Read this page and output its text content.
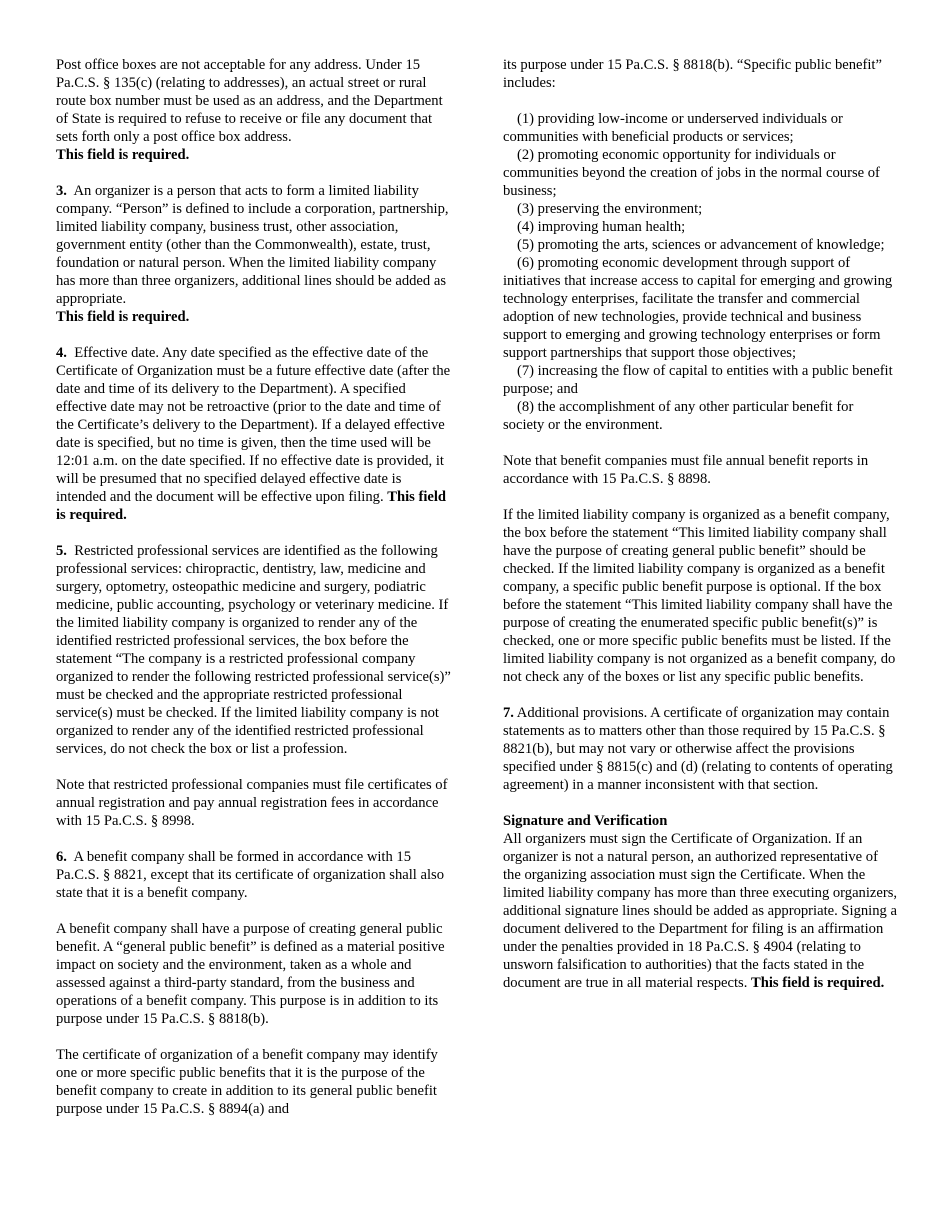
Post office boxes are not acceptable for any address. Under 15 Pa.C.S. § 135(c) (relating to addresses), an actual street or rural route box number must be used as an address, and the Department of State is required to refuse to receive or file any document that sets forth only a post office box address.
This field is required.

3. An organizer is a person that acts to form a limited liability company. “Person” is defined to include a corporation, partnership, limited liability company, business trust, other association, government entity (other than the Commonwealth), estate, trust, foundation or natural person. When the limited liability company has more than three organizers, additional lines should be added as appropriate.
This field is required.

4. Effective date. Any date specified as the effective date of the Certificate of Organization must be a future effective date (after the date and time of its delivery to the Department). A specified effective date may not be retroactive (prior to the date and time of the Certificate’s delivery to the Department). If a delayed effective date is specified, but no time is given, then the time used will be 12:01 a.m. on the date specified. If no effective date is provided, it will be presumed that no specified delayed effective date is intended and the document will be effective upon filing. This field is required.

5. Restricted professional services are identified as the following professional services: chiropractic, dentistry, law, medicine and surgery, optometry, osteopathic medicine and surgery, podiatric medicine, public accounting, psychology or veterinary medicine. If the limited liability company is organized to render any of the identified restricted professional services, the box before the statement “The company is a restricted professional company organized to render the following restricted professional service(s)” must be checked and the appropriate restricted professional service(s) must be checked. If the limited liability company is not organized to render any of the identified restricted professional services, do not check the box or list a profession.

Note that restricted professional companies must file certificates of annual registration and pay annual registration fees in accordance with 15 Pa.C.S. § 8998.

6. A benefit company shall be formed in accordance with 15 Pa.C.S. § 8821, except that its certificate of organization shall also state that it is a benefit company.

A benefit company shall have a purpose of creating general public benefit. A “general public benefit” is defined as a material positive impact on society and the environment, taken as a whole and assessed against a third-party standard, from the business and operations of a benefit company. This purpose is in addition to its purpose under 15 Pa.C.S. § 8818(b).

The certificate of organization of a benefit company may identify one or more specific public benefits that it is the purpose of the benefit company to create in addition to its general public benefit purpose under 15 Pa.C.S. § 8894(a) and

its purpose under 15 Pa.C.S. § 8818(b). “Specific public benefit” includes:

(1) providing low-income or underserved individuals or communities with beneficial products or services;
(2) promoting economic opportunity for individuals or communities beyond the creation of jobs in the normal course of business;
(3) preserving the environment;
(4) improving human health;
(5) promoting the arts, sciences or advancement of knowledge;
(6) promoting economic development through support of initiatives that increase access to capital for emerging and growing technology enterprises, facilitate the transfer and commercial adoption of new technologies, provide technical and business support to emerging and growing technology enterprises or form support partnerships that support those objectives;
(7) increasing the flow of capital to entities with a public benefit purpose; and
(8) the accomplishment of any other particular benefit for society or the environment.

Note that benefit companies must file annual benefit reports in accordance with 15 Pa.C.S. § 8898.

If the limited liability company is organized as a benefit company, the box before the statement “This limited liability company shall have the purpose of creating general public benefit” should be checked. If the limited liability company is organized as a benefit company, a specific public benefit purpose is optional. If the box before the statement “This limited liability company shall have the purpose of creating the enumerated specific public benefit(s)” is checked, one or more specific public benefits must be listed. If the limited liability company is not organized as a benefit company, do not check any of the boxes or list any specific public benefits.

7. Additional provisions. A certificate of organization may contain statements as to matters other than those required by 15 Pa.C.S. § 8821(b), but may not vary or otherwise affect the provisions specified under § 8815(c) and (d) (relating to contents of operating agreement) in a manner inconsistent with that section.

Signature and Verification
All organizers must sign the Certificate of Organization. If an organizer is not a natural person, an authorized representative of the organizing association must sign the Certificate. When the limited liability company has more than three executing organizers, additional signature lines should be added as appropriate. Signing a document delivered to the Department for filing is an affirmation under the penalties provided in 18 Pa.C.S. § 4904 (relating to unsworn falsification to authorities) that the facts stated in the document are true in all material respects. This field is required.
